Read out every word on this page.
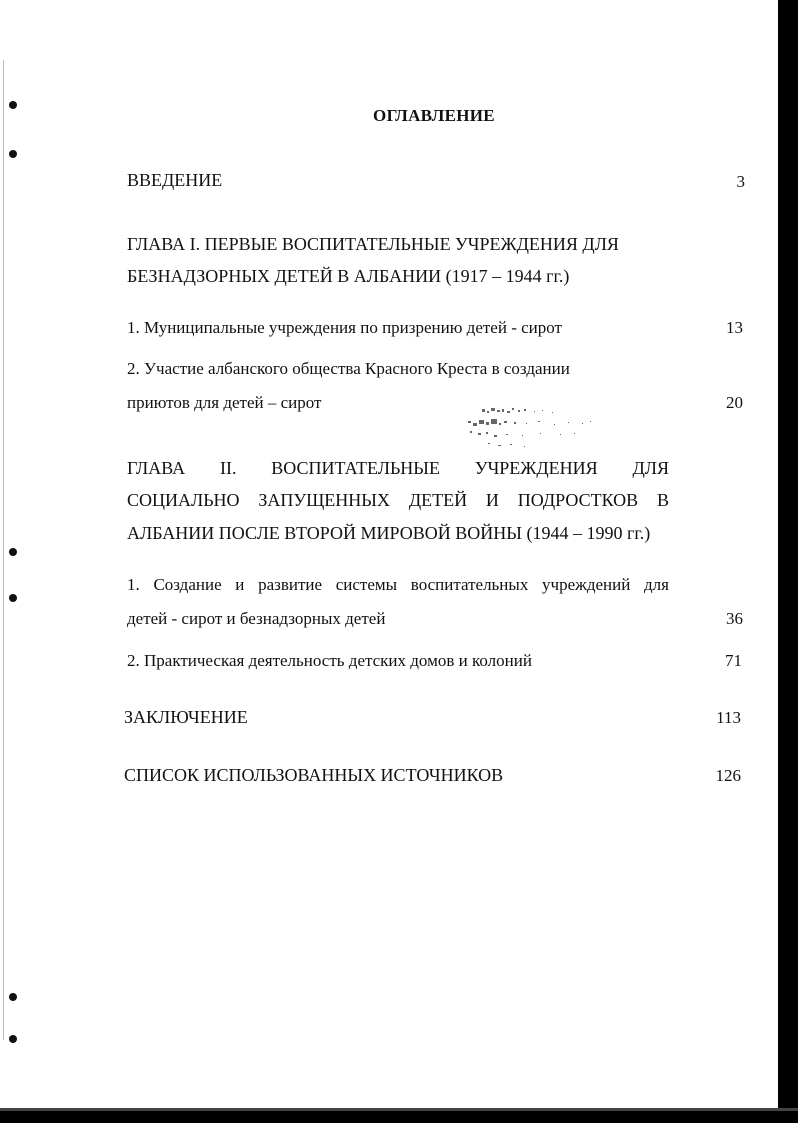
ОГЛАВЛЕНИЕ
ВВЕДЕНИЕ	3
ГЛАВА I. ПЕРВЫЕ ВОСПИТАТЕЛЬНЫЕ УЧРЕЖДЕНИЯ ДЛЯ
БЕЗНАДЗОРНЫХ ДЕТЕЙ В АЛБАНИИ (1917 – 1944 гг.)
1. Муниципальные учреждения по призрению детей - сирот	13
2. Участие албанского общества Красного Креста в создании
приютов для детей – сирот	20
ГЛАВА II. ВОСПИТАТЕЛЬНЫЕ УЧРЕЖДЕНИЯ ДЛЯ
СОЦИАЛЬНО ЗАПУЩЕННЫХ ДЕТЕЙ И ПОДРОСТКОВ В
АЛБАНИИ ПОСЛЕ ВТОРОЙ МИРОВОЙ ВОЙНЫ (1944 – 1990 гг.)
1. Создание и развитие системы воспитательных учреждений для
детей - сирот и безнадзорных детей	36
2. Практическая деятельность детских домов и колоний	71
ЗАКЛЮЧЕНИЕ	113
СПИСОК ИСПОЛЬЗОВАННЫХ ИСТОЧНИКОВ	126
